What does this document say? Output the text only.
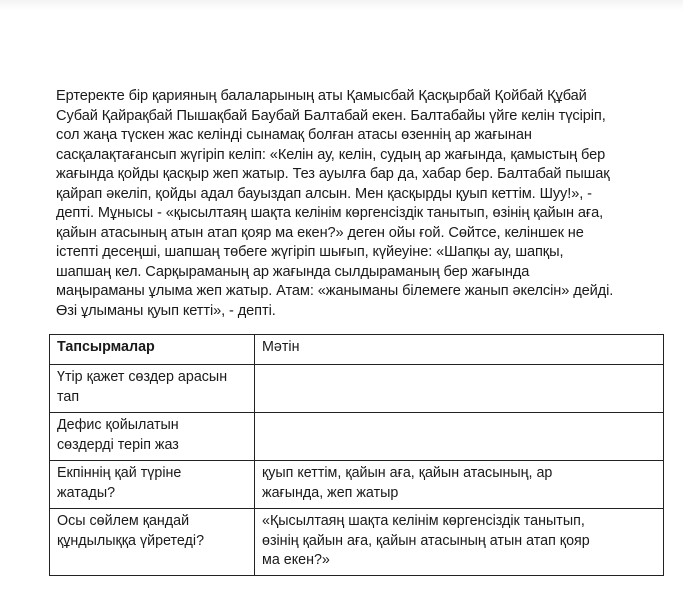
Ертеректе бір қарияның балаларының аты Қамысбай Қасқырбай Қойбай Құбай
Субай Қайрақбай Пышақбай Баубай Балтабай екен. Балтабайы үйге келін түсіріп,
сол жаңа түскен жас келінді сынамақ болған атасы өзеннің ар жағынан
сасқалақтағансып жүгіріп келіп: «Келін ау, келін, судың ар жағында, қамыстың бер
жағында қойды қасқыр жеп жатыр. Тез ауылға бар да, хабар бер. Балтабай пышақ
қайрап әкеліп, қойды адал бауыздап алсын. Мен қасқырды қуып кеттім. Шуу!», -
депті. Мұнысы - «қысылтаяң шақта келінім көргенсіздік танытып, өзінің қайын аға,
қайын атасының атын атап қояр ма екен?» деген ойы ғой. Сөйтсе, келіншек не
істепті десеңші, шапшаң төбеге жүгіріп шығып, күйеуіне: «Шапқы ау, шапқы,
шапшаң кел. Сарқыраманың ар жағында сылдыраманың бер жағында
маңыраманы ұлыма жеп жатыр. Атам: «жаныманы білемеге жанып әкелсін» дейді.
Өзі ұлыманы қуып кетті», - депті.

Тапсырмалар	Мәтін

Үтір қажет сөздер арасын
тап	

Дефис қойылатын
сөздерді теріп жаз	

Екпіннің қай түріне
жатады?	қуып кеттім, қайын аға, қайын атасының, ар
жағында, жеп жатыр

Осы сөйлем қандай
құндылыққа үйретеді?	«Қысылтаяң шақта келінім көргенсіздік танытып,
өзінің қайын аға, қайын атасының атын атап қояр
ма екен?»
